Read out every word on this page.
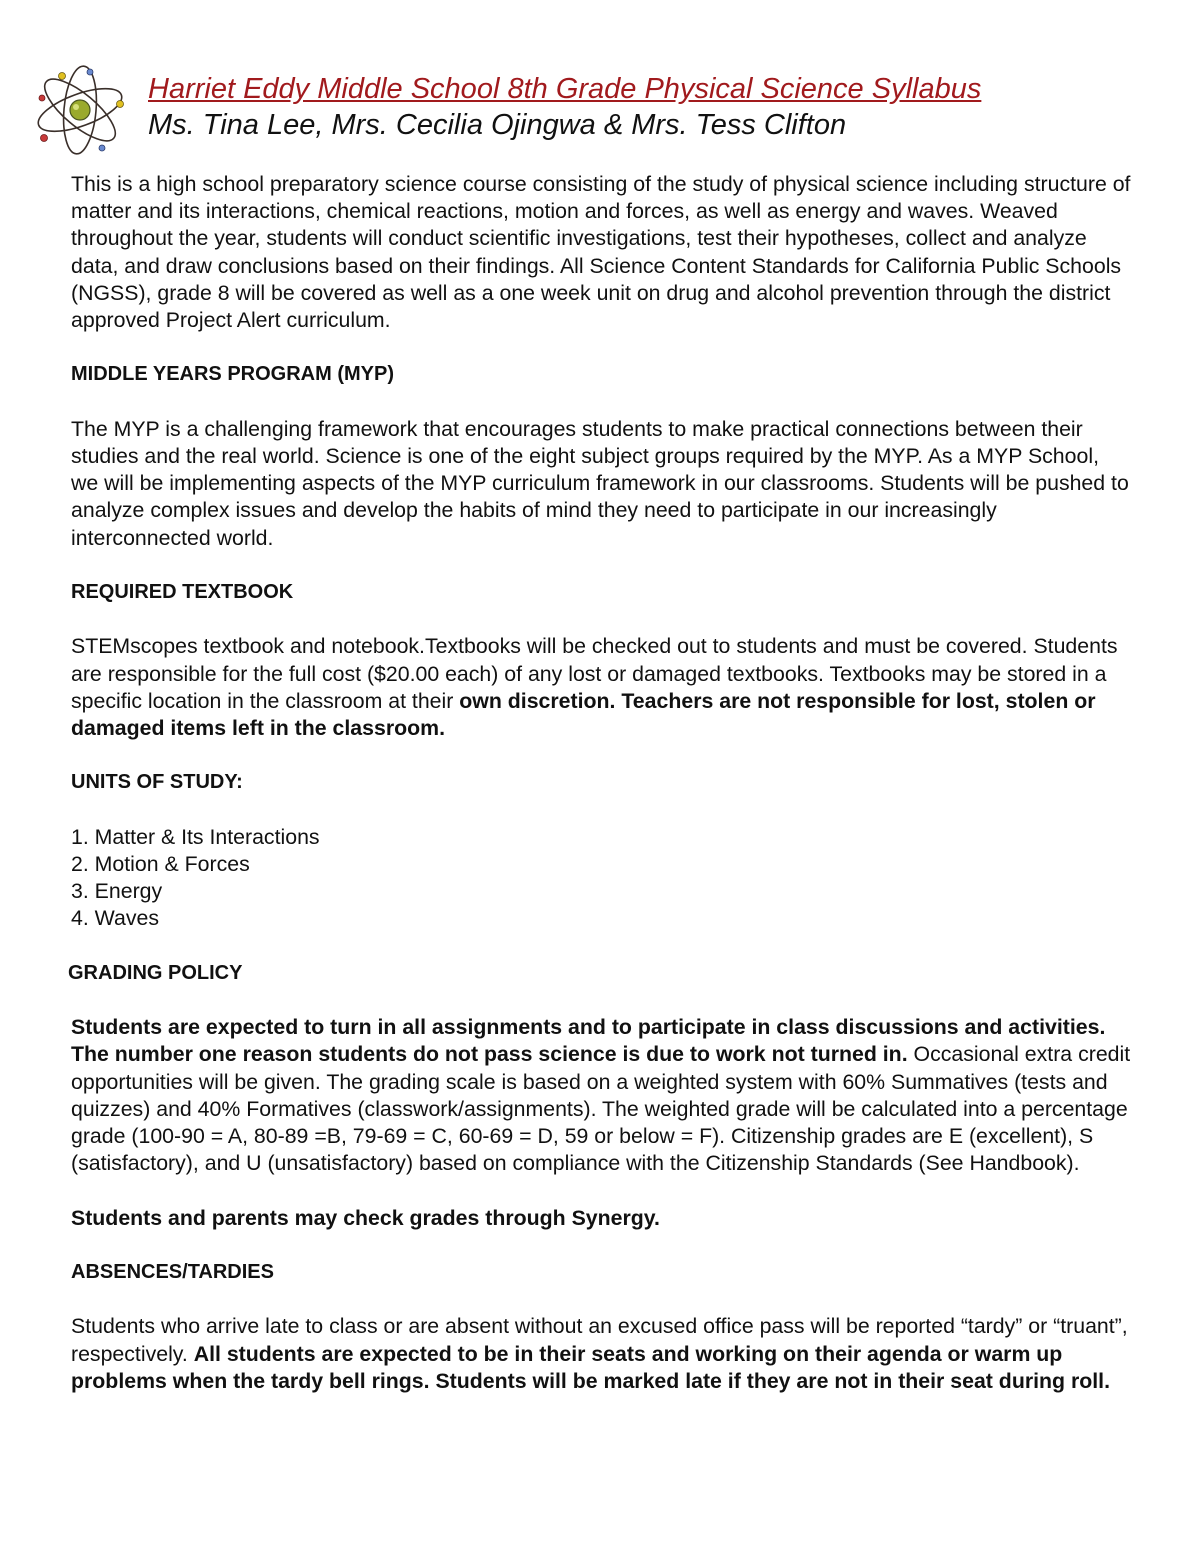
Harriet Eddy Middle School 8th Grade Physical Science Syllabus
Ms. Tina Lee, Mrs. Cecilia Ojingwa & Mrs. Tess Clifton

This is a high school preparatory science course consisting of the study of physical science including structure of matter and its interactions, chemical reactions, motion and forces, as well as energy and waves. Weaved throughout the year, students will conduct scientific investigations, test their hypotheses, collect and analyze data, and draw conclusions based on their findings. All Science Content Standards for California Public Schools (NGSS), grade 8 will be covered as well as a one week unit on drug and alcohol prevention through the district approved Project Alert curriculum.

MIDDLE YEARS PROGRAM (MYP)

The MYP is a challenging framework that encourages students to make practical connections between their studies and the real world. Science is one of the eight subject groups required by the MYP. As a MYP School, we will be implementing aspects of the MYP curriculum framework in our classrooms. Students will be pushed to analyze complex issues and develop the habits of mind they need to participate in our increasingly interconnected world.

REQUIRED TEXTBOOK

STEMscopes textbook and notebook.Textbooks will be checked out to students and must be covered. Students are responsible for the full cost ($20.00 each) of any lost or damaged textbooks. Textbooks may be stored in a specific location in the classroom at their own discretion. Teachers are not responsible for lost, stolen or damaged items left in the classroom.

UNITS OF STUDY:

1. Matter & Its Interactions

2. Motion & Forces

3. Energy

4. Waves

GRADING POLICY

Students are expected to turn in all assignments and to participate in class discussions and activities. The number one reason students do not pass science is due to work not turned in. Occasional extra credit opportunities will be given. The grading scale is based on a weighted system with 60% Summatives (tests and quizzes) and 40% Formatives (classwork/assignments). The weighted grade will be calculated into a percentage grade (100-90 = A, 80-89 =B, 79-69 = C, 60-69 = D, 59 or below = F). Citizenship grades are E (excellent), S (satisfactory), and U (unsatisfactory) based on compliance with the Citizenship Standards (See Handbook).

Students and parents may check grades through Synergy.

ABSENCES/TARDIES

Students who arrive late to class or are absent without an excused office pass will be reported “tardy” or “truant”, respectively. All students are expected to be in their seats and working on their agenda or warm up problems when the tardy bell rings. Students will be marked late if they are not in their seat during roll.
